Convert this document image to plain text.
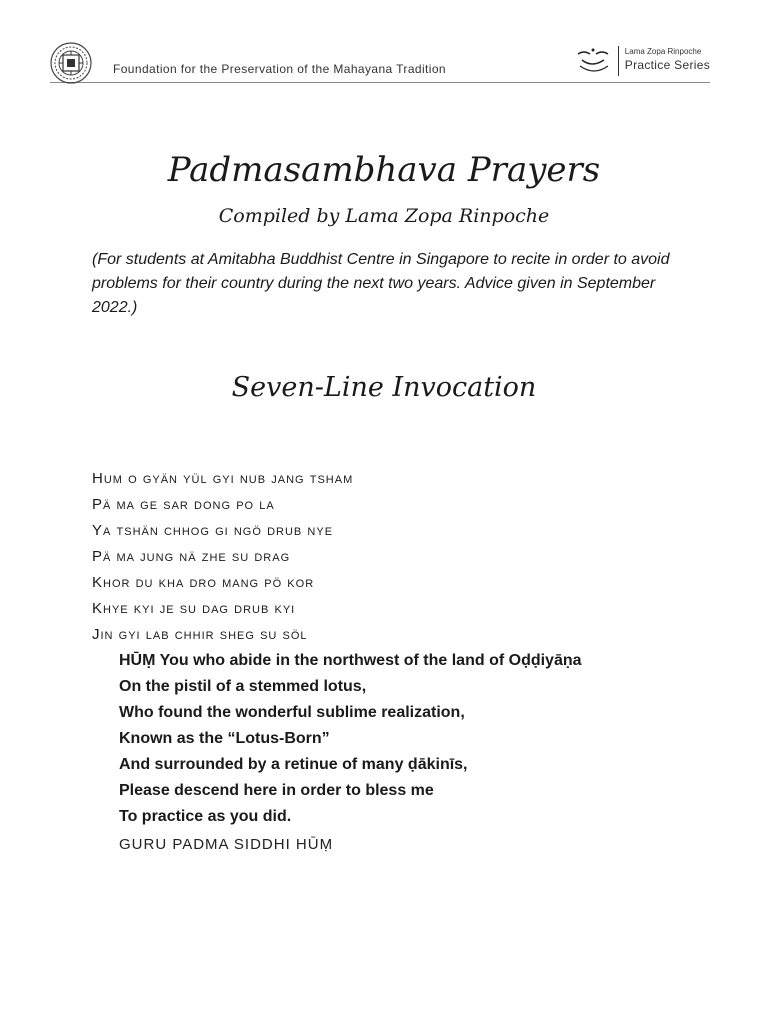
Foundation for the Preservation of the Mahayana Tradition
Lama Zopa Rinpoche
Practice Series
Padmasambhava Prayers
Compiled by Lama Zopa Rinpoche
(For students at Amitabha Buddhist Centre in Singapore to recite in order to avoid problems for their country during the next two years. Advice given in September 2022.)
Seven-Line Invocation
Hum o gyän yül gyi nub jang tsham
Pä ma ge sar dong po la
Ya tshän chhog gi ngö drub nye
Pä ma jung nä zhe su drag
Khor du kha dro mang pö kor
Khye kyi je su dag drub kyi
Jin gyi lab chhir sheg su söl
HŪṂ You who abide in the northwest of the land of Oḍḍiyāṇa
On the pistil of a stemmed lotus,
Who found the wonderful sublime realization,
Known as the “Lotus-Born”
And surrounded by a retinue of many ḍākinīs,
Please descend here in order to bless me
To practice as you did.
GURU PADMA SIDDHI HŪṂ
